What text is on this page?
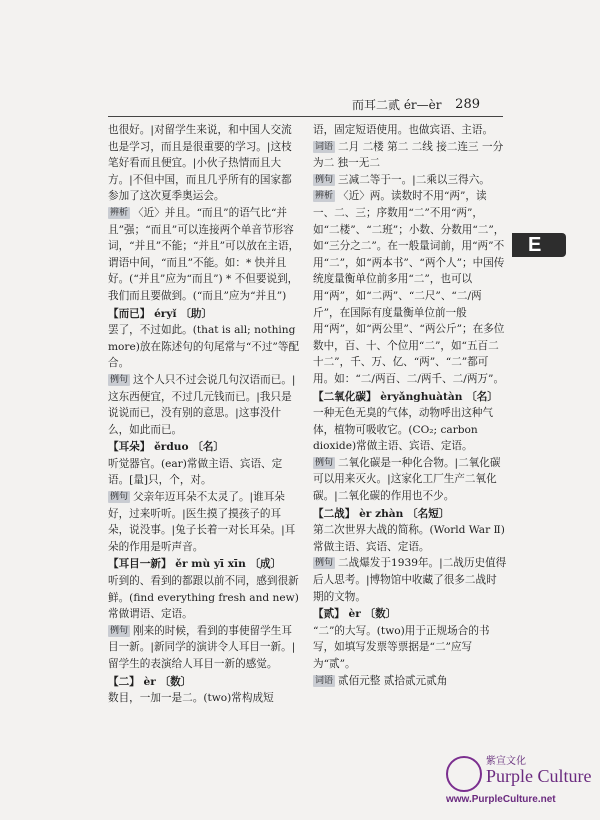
而耳二贰 ér—èr 289

也很好。|对留学生来说，和中国人交流也是学习，而且是很重要的学习。|这枝笔好看而且便宜。|小伙子热情而且大方。|不但中国，而且几乎所有的国家都参加了这次夏季奥运会。

辨析 〈近〉并且。“而且”的语气比“并且”强；“而且”可以连接两个单音节形容词，“并且”不能；“并且”可以放在主语，谓语中间，“而且”不能。如：* 快并且好。(“并且”应为“而且”) * 不但要说到，我们而且要做到。(“而且”应为“并且”)

【而已】 éryǐ 〔助〕

罢了，不过如此。(that is all; nothing more)放在陈述句的句尾常与“不过”等配合。

例句 这个人只不过会说几句汉语而已。|这东西便宜，不过几元钱而已。|我只是说说而已，没有别的意思。|这事没什么，如此而已。

【耳朵】 ěrduo 〔名〕

听觉器官。(ear)常做主语、宾语、定语。[量]只，个，对。

例句 父亲年迈耳朵不太灵了。|谁耳朵好，过来听听。|医生摸了摸孩子的耳朵，说没事。|兔子长着一对长耳朵。|耳朵的作用是听声音。

【耳目一新】 ěr mù yī xīn 〔成〕

听到的、看到的都跟以前不同，感到很新鲜。(find everything fresh and new)常做谓语、定语。

例句 刚来的时候，看到的事使留学生耳目一新。|新同学的演讲令人耳目一新。|留学生的表演给人耳目一新的感觉。

【二】 èr 〔数〕

数目，一加一是二。(two)常构成短

语，固定短语使用。也做宾语、主语。

词语 二月 二楼 第二 二线 接二连三 一分为二 独一无二

例句 三减二等于一。|二乘以三得六。

辨析 〈近〉两。读数时不用“两”，读一、二、三；序数用“二”不用“两”，如“二楼”、“二班”；小数、分数用“二”，如“三分之二”。在一般量词前，用“两”不用“二”，如“两本书”、“两个人”；中国传统度量衡单位前多用“二”，也可以用“两”，如“二两”、“二尺”、“二/两斤”，在国际有度量衡单位前一般用“两”，如“两公里”、“两公斤”；在多位数中，百、十、个位用“二”，如“五百二十二”，千、万、亿、“两”、“二”都可用。如：“二/两百、二/两千、二/两万”。

【二氧化碳】 èryǎnghuàtàn 〔名〕

一种无色无臭的气体，动物呼出这种气体，植物可吸收它。(CO₂; carbon dioxide)常做主语、宾语、定语。

例句 二氧化碳是一种化合物。|二氧化碳可以用来灭火。|这家化工厂生产二氧化碳。|二氧化碳的作用也不少。

【二战】 èr zhàn 〔名短〕

第二次世界大战的简称。(World War Ⅱ)常做主语、宾语、定语。

例句 二战爆发于1939年。|二战历史值得后人思考。|博物馆中收藏了很多二战时期的文物。

【贰】 èr 〔数〕

“二”的大写。(two)用于正规场合的书写，如填写发票等票据是“二”应写为“贰”。

词语 贰佰元整 贰拾贰元贰角

E
紫宣文化
Purple Culture
www.PurpleCulture.net
